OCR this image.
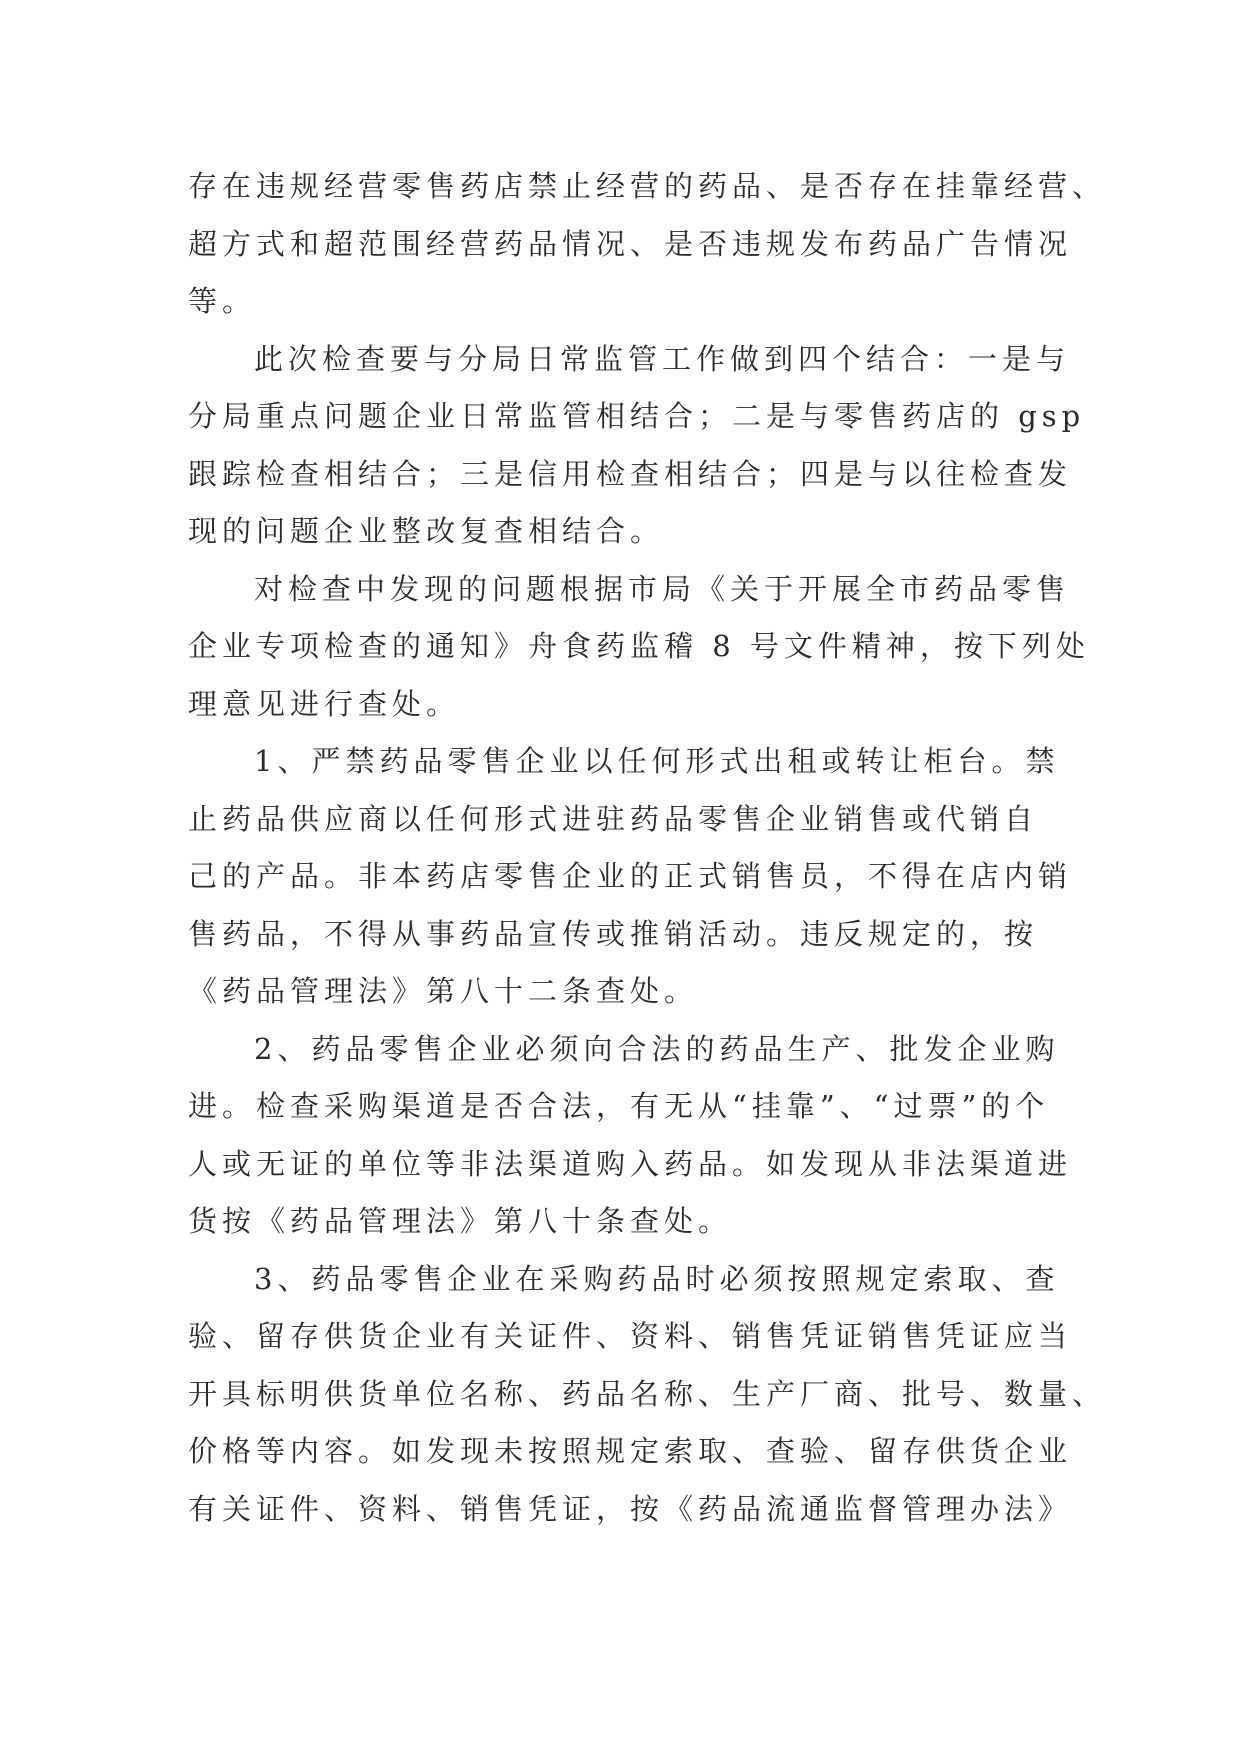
存在违规经营零售药店禁止经营的药品、是否存在挂靠经营、
超方式和超范围经营药品情况、是否违规发布药品广告情况
等。
此次检查要与分局日常监管工作做到四个结合：一是与
分局重点问题企业日常监管相结合；二是与零售药店的 gsp
跟踪检查相结合；三是信用检查相结合；四是与以往检查发
现的问题企业整改复查相结合。
对检查中发现的问题根据市局《关于开展全市药品零售
企业专项检查的通知》舟食药监稽 8 号文件精神，按下列处
理意见进行查处。
1、严禁药品零售企业以任何形式出租或转让柜台。禁
止药品供应商以任何形式进驻药品零售企业销售或代销自
己的产品。非本药店零售企业的正式销售员，不得在店内销
售药品，不得从事药品宣传或推销活动。违反规定的，按
《药品管理法》第八十二条查处。
2、药品零售企业必须向合法的药品生产、批发企业购
进。检查采购渠道是否合法，有无从“挂靠”、“过票”的个
人或无证的单位等非法渠道购入药品。如发现从非法渠道进
货按《药品管理法》第八十条查处。
3、药品零售企业在采购药品时必须按照规定索取、查
验、留存供货企业有关证件、资料、销售凭证销售凭证应当
开具标明供货单位名称、药品名称、生产厂商、批号、数量、
价格等内容。如发现未按照规定索取、查验、留存供货企业
有关证件、资料、销售凭证，按《药品流通监督管理办法》
